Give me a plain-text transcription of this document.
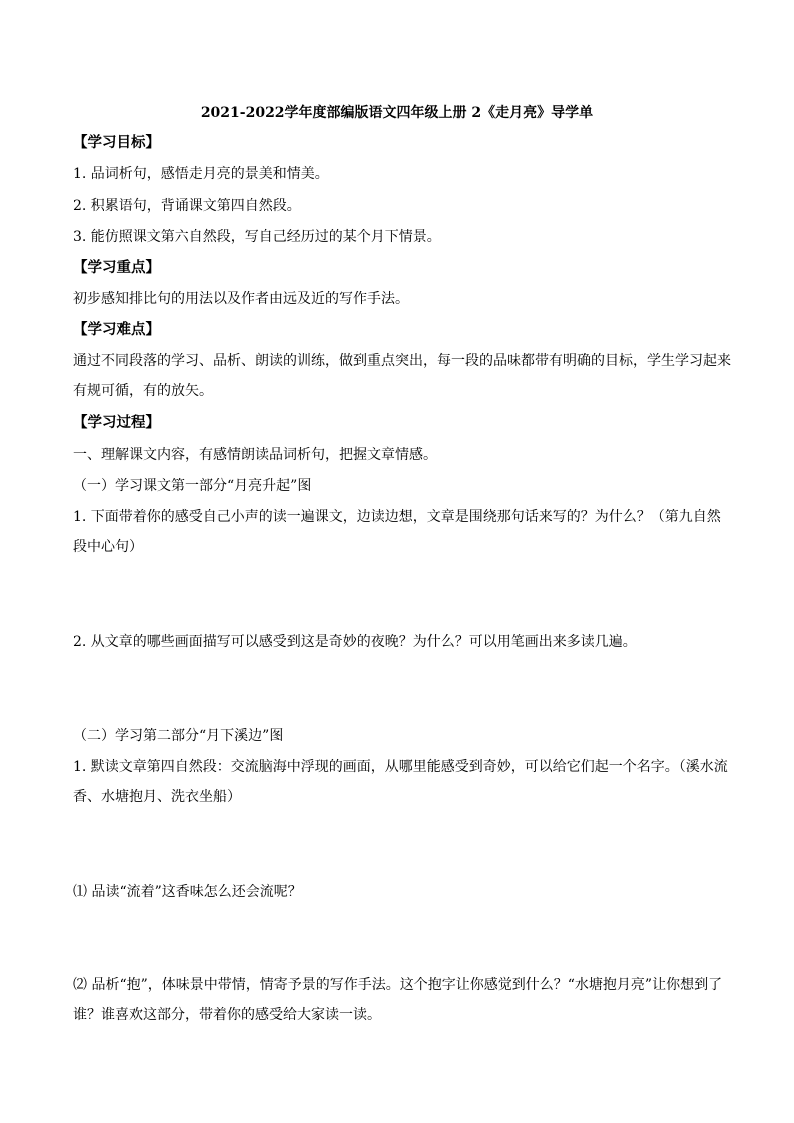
2021-2022学年度部编版语文四年级上册 2《走月亮》导学单
【学习目标】
1. 品词析句，感悟走月亮的景美和情美。
2. 积累语句，背诵课文第四自然段。
3. 能仿照课文第六自然段，写自己经历过的某个月下情景。
【学习重点】
初步感知排比句的用法以及作者由远及近的写作手法。
【学习难点】
通过不同段落的学习、品析、朗读的训练，做到重点突出，每一段的品味都带有明确的目标，学生学习起来有规可循，有的放矢。
【学习过程】
一、理解课文内容，有感情朗读品词析句，把握文章情感。
（一）学习课文第一部分“月亮升起”图
1. 下面带着你的感受自己小声的读一遍课文，边读边想，文章是围绕那句话来写的？为什么？（第九自然段中心句）
2. 从文章的哪些画面描写可以感受到这是奇妙的夜晚？为什么？可以用笔画出来多读几遍。
（二）学习第二部分“月下溪边”图
1. 默读文章第四自然段：交流脑海中浮现的画面，从哪里能感受到奇妙，可以给它们起一个名字。（溪水流香、水塘抱月、洗衣坐船）
⑴ 品读“流着”这香味怎么还会流呢？
⑵ 品析“抱”，体味景中带情，情寄予景的写作手法。这个抱字让你感觉到什么？“水塘抱月亮”让你想到了谁？谁喜欢这部分，带着你的感受给大家读一读。
